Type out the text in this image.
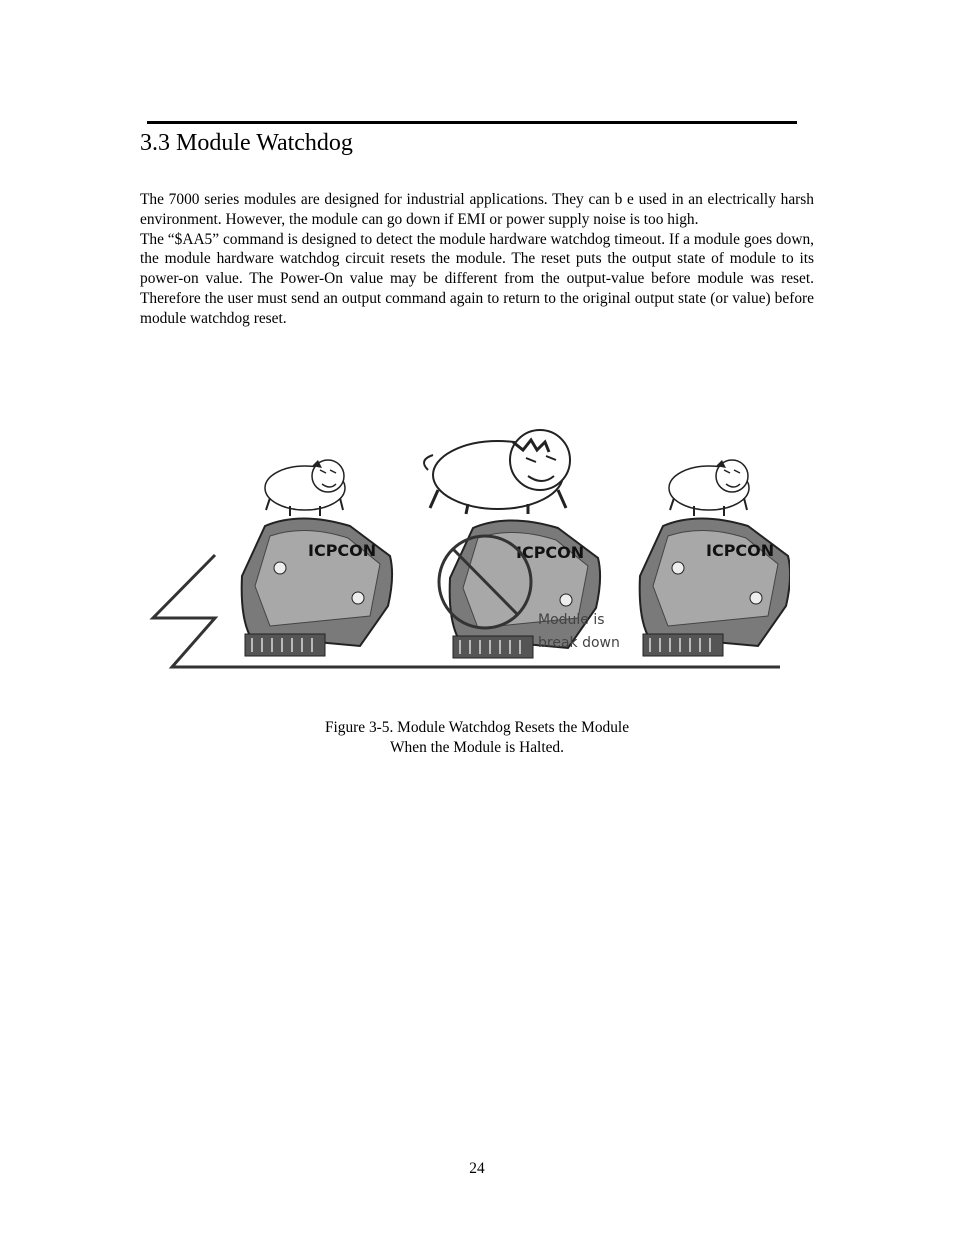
3.3 Module Watchdog

The 7000 series modules are designed for industrial applications. They can b e used in an electrically harsh environment. However, the module can go down if EMI or power supply noise is too high.

The “$AA5” command is designed to detect the module hardware watchdog timeout. If a module goes down, the module hardware watchdog circuit resets the module. The reset puts the output state of module to its power-on value. The Power-On value may be different from the output-value before module was reset. Therefore the user must send an output command again to return to the original output state (or value) before module watchdog reset.

ICPCON	ICPCON	ICPCON
Module is
break down
Figure 3-5. Module Watchdog Resets the Module
When the Module is Halted.
24
